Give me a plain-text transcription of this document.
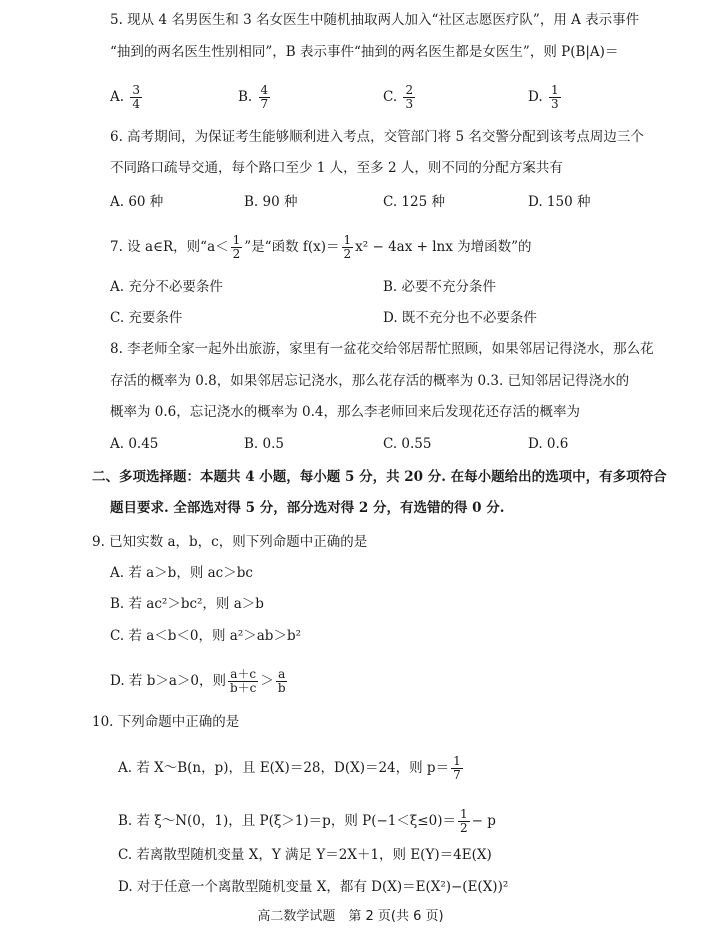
5. 现从 4 名男医生和 3 名女医生中随机抽取两人加入“社区志愿医疗队”，用 A 表示事件
“抽到的两名医生性别相同”，B 表示事件“抽到的两名医生都是女医生”，则 P(B|A)＝
A. $\frac{3}{4}$	B. $\frac{4}{7}$	C. $\frac{2}{3}$	D. $\frac{1}{3}$
6. 高考期间，为保证考生能够顺利进入考点，交管部门将 5 名交警分配到该考点周边三个
不同路口疏导交通，每个路口至少 1 人，至多 2 人，则不同的分配方案共有
A. 60 种	B. 90 种	C. 125 种	D. 150 种
7. 设 a∈R，则“$a< \frac{1}{2}$ ”是“函数 $f(x)= \frac{1}{2} x^2 - 4ax + \ln x$ 为增函数”的
A. 充分不必要条件	B. 必要不充分条件
C. 充要条件	D. 既不充分也不必要条件
8. 李老师全家一起外出旅游，家里有一盆花交给邻居帮忙照顾，如果邻居记得浇水，那么花
存活的概率为 0.8，如果邻居忘记浇水，那么花存活的概率为 0.3. 已知邻居记得浇水的
概率为 0.6，忘记浇水的概率为 0.4，那么李老师回来后发现花还存活的概率为
A. 0.45	B. 0.5	C. 0.55	D. 0.6
二、多项选择题：本题共 4 小题，每小题 5 分，共 20 分. 在每小题给出的选项中，有多项符合
题目要求. 全部选对得 5 分，部分选对得 2 分，有选错的得 0 分.
9. 已知实数 a，b，c，则下列命题中正确的是
A. 若 a＞b，则 ac＞bc
B. 若 ac²＞bc²，则 a＞b
C. 若 a＜b＜0，则 a²＞ab＞b²
D. 若 b＞a＞0，则 $\frac{a+c}{b+c} > \frac{a}{b}$
10. 下列命题中正确的是
A. 若 X～B(n，p)，且 E(X)＝28，D(X)＝24，则 $p= \frac{1}{7}$
B. 若 ξ～N(0，1)，且 P(ξ＞1)＝p，则 $P(-1<\xi\le 0)= \frac{1}{2} - p$
C. 若离散型随机变量 X，Y 满足 Y＝2X＋1，则 E(Y)＝4E(X)
D. 对于任意一个离散型随机变量 X，都有 D(X)＝E(X²)−(E(X))²
高二数学试题　第 2 页(共 6 页)
